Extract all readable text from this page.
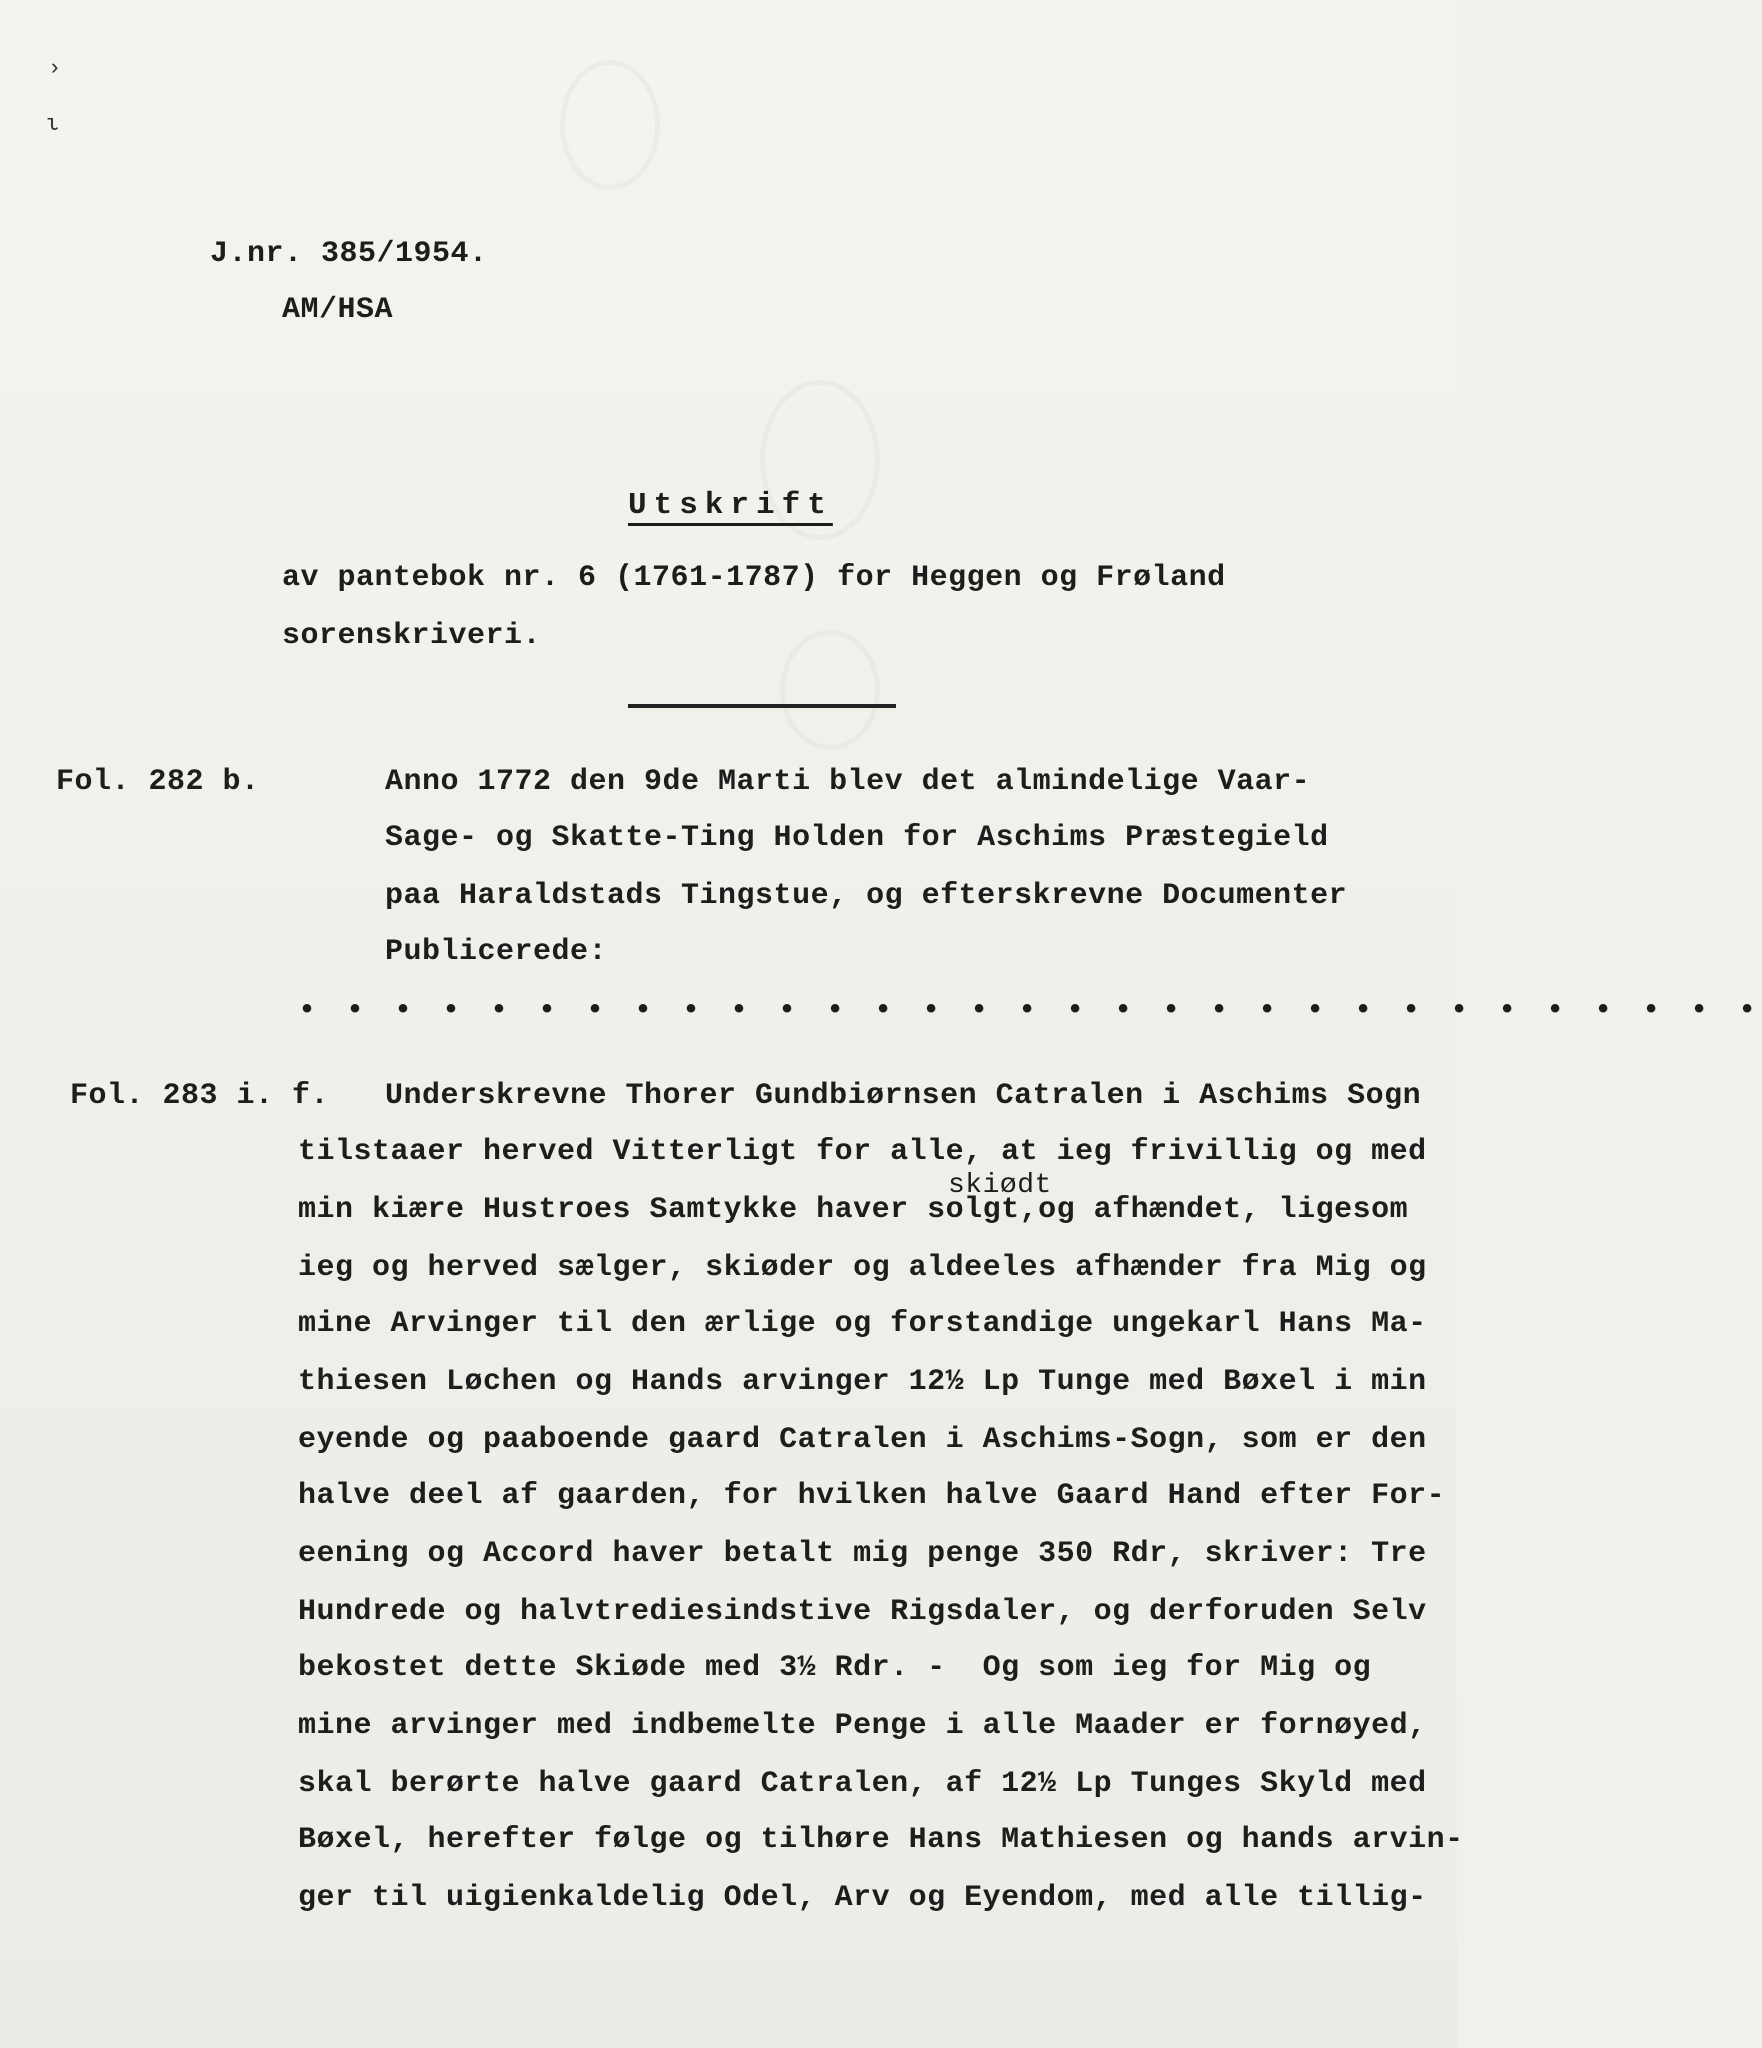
›
ι
J.nr. 385/1954.
AM/HSA
Utskrift
av pantebok nr. 6 (1761-1787) for Heggen og Frøland
sorenskriveri.
Fol. 282 b.	Anno 1772 den 9de Marti blev det almindelige Vaar-
Sage- og Skatte-Ting Holden for Aschims Præstegield
paa Haraldstads Tingstue, og efterskrevne Documenter
Publicerede:
• • • • • • • • • • • • • • • • • • • • • • • • • • • • • • •
Fol. 283 i. f. Underskrevne Thorer Gundbiørnsen Catralen i Aschims Sogn
tilstaaer herved Vitterligt for alle, at ieg frivillig og med
skiødt
min kiære Hustroes Samtykke haver solgt,og afhændet, ligesom
ieg og herved sælger, skiøder og aldeeles afhænder fra Mig og
mine Arvinger til den ærlige og forstandige ungekarl Hans Ma-
thiesen Løchen og Hands arvinger 12½ Lp Tunge med Bøxel i min
eyende og paaboende gaard Catralen i Aschims-Sogn, som er den
halve deel af gaarden, for hvilken halve Gaard Hand efter For-
eening og Accord haver betalt mig penge 350 Rdr, skriver: Tre
Hundrede og halvtrediesindstive Rigsdaler, og derforuden Selv
bekostet dette Skiøde med 3½ Rdr. -  Og som ieg for Mig og
mine arvinger med indbemelte Penge i alle Maader er fornøyed,
skal berørte halve gaard Catralen, af 12½ Lp Tunges Skyld med
Bøxel, herefter følge og tilhøre Hans Mathiesen og hands arvin-
ger til uigienkaldelig Odel, Arv og Eyendom, med alle tillig-
